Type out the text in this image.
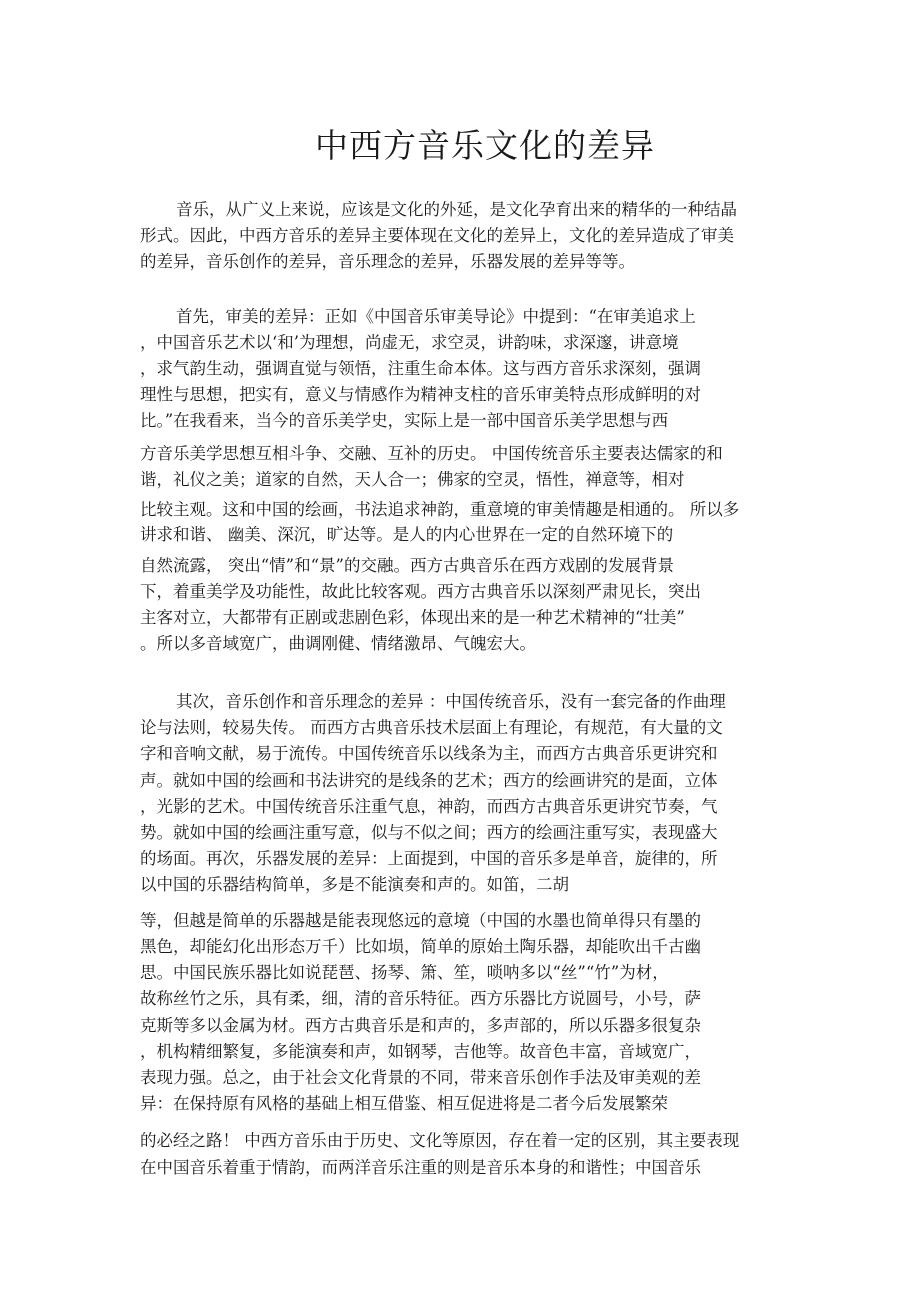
中西方音乐文化的差异

音乐，从广义上来说，应该是文化的外延，是文化孕育出来的精华的一种结晶

形式。因此，中西方音乐的差异主要体现在文化的差异上，文化的差异造成了审美

的差异，音乐创作的差异，音乐理念的差异，乐器发展的差异等等。

首先，审美的差异：正如《中国音乐审美导论》中提到：“在审美追求上

，中国音乐艺术以‘和’为理想，尚虚无，求空灵，讲韵味，求深邃，讲意境

，求气韵生动，强调直觉与领悟，注重生命本体。这与西方音乐求深刻，强调

理性与思想，把实有，意义与情感作为精神支柱的音乐审美特点形成鲜明的对

比。”在我看来，当今的音乐美学史，实际上是一部中国音乐美学思想与西

方音乐美学思想互相斗争、交融、互补的历史。 中国传统音乐主要表达儒家的和

谐，礼仪之美；道家的自然，天人合一；佛家的空灵，悟性，禅意等，相对

比较主观。这和中国的绘画，书法追求神韵，重意境的审美情趣是相通的。 所以多

讲求和谐、 幽美、深沉，旷达等。是人的内心世界在一定的自然环境下的

自然流露， 突出“情”和“景”的交融。西方古典音乐在西方戏剧的发展背景

下，着重美学及功能性，故此比较客观。西方古典音乐以深刻严肃见长，突出

主客对立，大都带有正剧或悲剧色彩，体现出来的是一种艺术精神的“壮美”

。所以多音域宽广，曲调刚健、情绪激昂、气魄宏大。

其次，音乐创作和音乐理念的差异 ：中国传统音乐，没有一套完备的作曲理

论与法则，较易失传。 而西方古典音乐技术层面上有理论，有规范，有大量的文

字和音响文献，易于流传。中国传统音乐以线条为主，而西方古典音乐更讲究和

声。就如中国的绘画和书法讲究的是线条的艺术；西方的绘画讲究的是面，立体

，光影的艺术。中国传统音乐注重气息，神韵，而西方古典音乐更讲究节奏，气

势。就如中国的绘画注重写意，似与不似之间；西方的绘画注重写实，表现盛大

的场面。再次，乐器发展的差异：上面提到，中国的音乐多是单音，旋律的，所

以中国的乐器结构简单，多是不能演奏和声的。如笛，二胡

等，但越是简单的乐器越是能表现悠远的意境（中国的水墨也简单得只有墨的

黑色，却能幻化出形态万千）比如埙，简单的原始土陶乐器，却能吹出千古幽

思。中国民族乐器比如说琵琶、扬琴、箫、笙，唢呐多以“丝”“竹”为材，

故称丝竹之乐，具有柔，细，清的音乐特征。西方乐器比方说圆号，小号，萨

克斯等多以金属为材。西方古典音乐是和声的，多声部的，所以乐器多很复杂

，机构精细繁复，多能演奏和声，如钢琴，吉他等。故音色丰富，音域宽广，

表现力强。总之，由于社会文化背景的不同，带来音乐创作手法及审美观的差

异：在保持原有风格的基础上相互借鉴、相互促进将是二者今后发展繁荣

的必经之路！ 中西方音乐由于历史、文化等原因，存在着一定的区别，其主要表现

在中国音乐着重于情韵，而两洋音乐注重的则是音乐本身的和谐性；中国音乐
